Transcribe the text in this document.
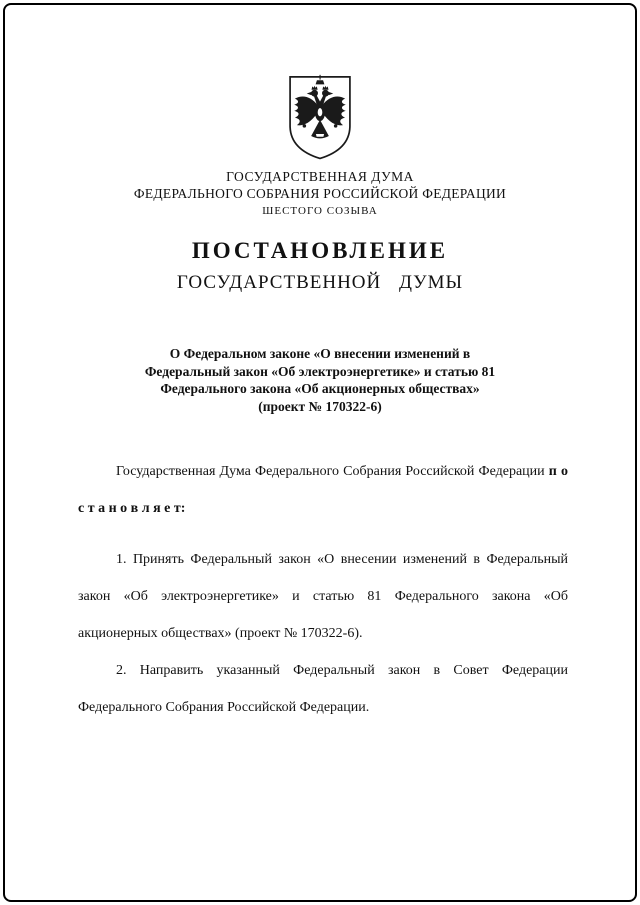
ГОСУДАРСТВЕННАЯ ДУМА
ФЕДЕРАЛЬНОГО СОБРАНИЯ РОССИЙСКОЙ ФЕДЕРАЦИИ
ШЕСТОГО СОЗЫВА
ПОСТАНОВЛЕНИЕ
ГОСУДАРСТВЕННОЙ ДУМЫ
О Федеральном законе «О внесении изменений в
Федеральный закон «Об электроэнергетике» и статью 81
Федерального закона «Об акционерных обществах»
(проект № 170322-6)

Государственная Дума Федерального Собрания Российской Федерации п о с т а н о в л я е т:

1. Принять Федеральный закон «О внесении изменений в Федеральный закон «Об электроэнергетике» и статью 81 Федерального закона «Об акционерных обществах» (проект № 170322-6).

2. Направить указанный Федеральный закон в Совет Федерации Федерального Собрания Российской Федерации.
